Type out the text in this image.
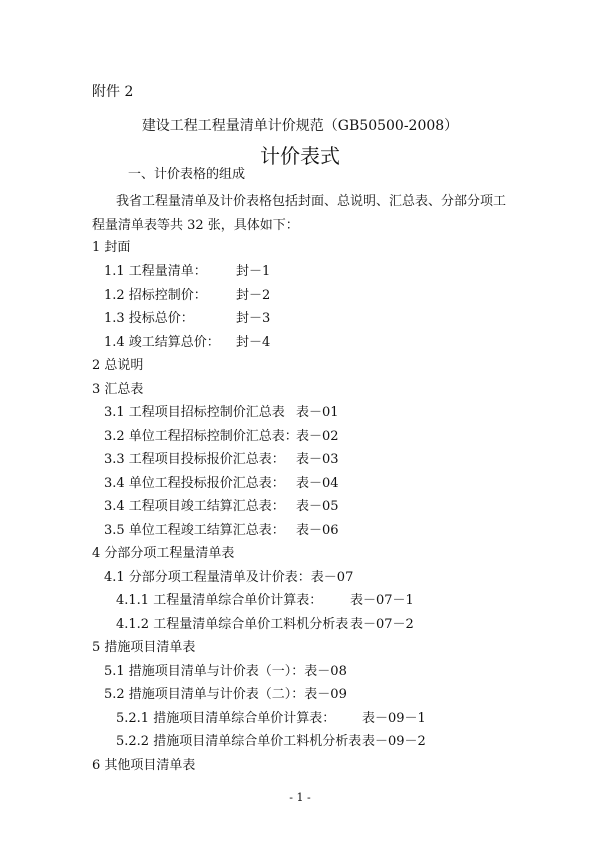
附件 2
建设工程工程量清单计价规范（GB50500-2008）
计价表式
一、计价表格的组成
我省工程量清单及计价表格包括封面、总说明、汇总表、分部分项工程量清单表等共 32 张，具体如下：
1 封面
1.1 工程量清单： 封－1
1.2 招标控制价： 封－2
1.3 投标总价：	封－3
1.4 竣工结算总价： 封－4
2 总说明
3 汇总表
3.1 工程项目招标控制价汇总表 表－01
3.2 单位工程招标控制价汇总表：
表－02
3.3 工程项目投标报价汇总表： 表－03
3.4 单位工程投标报价汇总表： 表－04
3.4 工程项目竣工结算汇总表： 表－05
3.5 单位工程竣工结算汇总表： 表－06
4 分部分项工程量清单表
4.1 分部分项工程量清单及计价表：表－07
4.1.1 工程量清单综合单价计算表： 表－07－1
4.1.2 工程量清单综合单价工料机分析表 表－07－2
5 措施项目清单表
5.1 措施项目清单与计价表（一）：表－08
5.2 措施项目清单与计价表（二）：表－09
5.2.1 措施项目清单综合单价计算表： 表－09－1
5.2.2 措施项目清单综合单价工料机分析表 表－09－2
6 其他项目清单表
- 1 -
